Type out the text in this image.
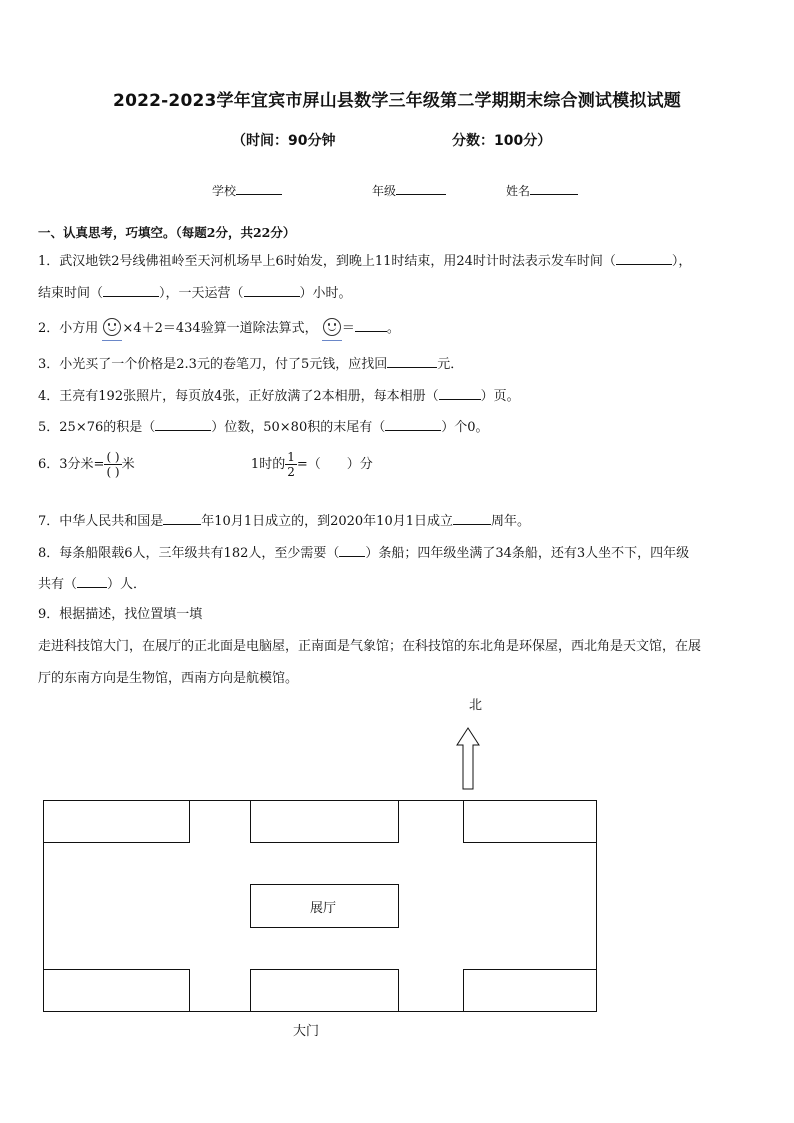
2022-2023学年宜宾市屏山县数学三年级第二学期期末综合测试模拟试题
（时间：90分钟	分数：100分）
学校	年级	姓名
一、认真思考，巧填空。（每题2分，共22分）
1．武汉地铁2号线佛祖岭至天河机场早上6时始发，到晚上11时结束，用24时计时法表示发车时间（	），
结束时间（	），一天运营（	）小时。
2．小方用 ×4＋2＝434验算一道除法算式， ＝ 。
3．小光买了一个价格是2.3元的卷笔刀，付了5元钱，应找回	元．
4．王亮有192张照片，每页放4张，正好放满了2本相册，每本相册（	）页。
5．25×76的积是（	）位数，50×80积的末尾有（	）个0。
6．3分米= $\frac{( )}{( )}$ 米	1时的 $\frac{1}{2}$ =（ ）分
7．中华人民共和国是	年10月1日成立的，到2020年10月1日成立	周年。
8．每条船限载6人，三年级共有182人，至少需要（ ）条船；四年级坐满了34条船，还有3人坐不下，四年级
共有（ ）人．
9．根据描述，找位置填一填
走进科技馆大门，在展厅的正北面是电脑屋，正南面是气象馆；在科技馆的东北角是环保屋，西北角是天文馆，在展
厅的东南方向是生物馆，西南方向是航模馆。
北
展厅
大门
